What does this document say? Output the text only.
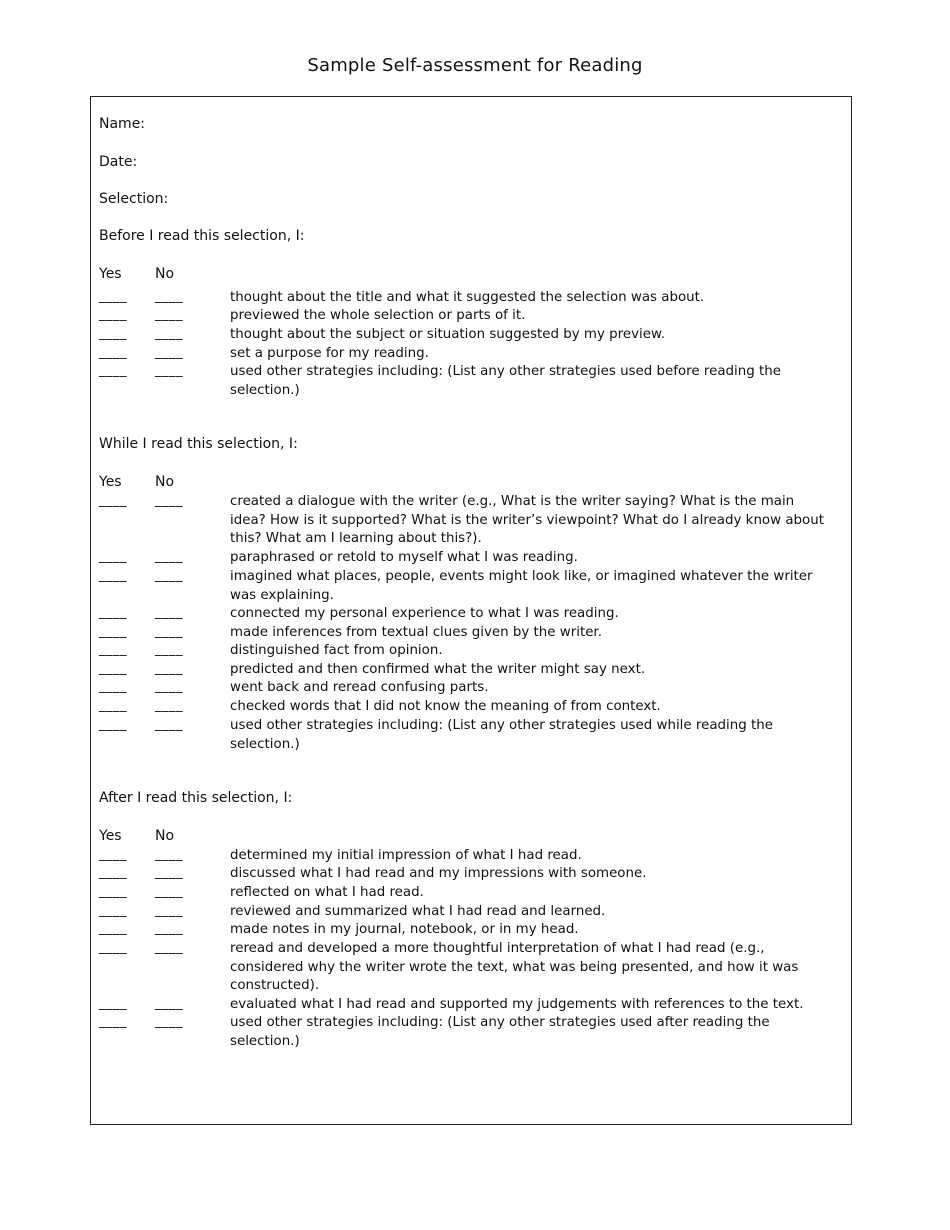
Sample Self-assessment for Reading
Name:
Date:
Selection:
Before I read this selection, I:
Yes No
____ ____	thought about the title and what it suggested the selection was about.
____ ____	previewed the whole selection or parts of it.
____ ____	thought about the subject or situation suggested by my preview.
____ ____	set a purpose for my reading.
____ ____	used other strategies including: (List any other strategies used before reading the selection.)
While I read this selection, I:
Yes No
____ ____	created a dialogue with the writer (e.g., What is the writer saying? What is the main idea? How is it supported? What is the writer’s viewpoint? What do I already know about this? What am I learning about this?).
____ ____	paraphrased or retold to myself what I was reading.
____ ____	imagined what places, people, events might look like, or imagined whatever the writer was explaining.
____ ____	connected my personal experience to what I was reading.
____ ____	made inferences from textual clues given by the writer.
____ ____	distinguished fact from opinion.
____ ____	predicted and then confirmed what the writer might say next.
____ ____	went back and reread confusing parts.
____ ____	checked words that I did not know the meaning of from context.
____ ____	used other strategies including: (List any other strategies used while reading the selection.)
After I read this selection, I:
Yes No
____ ____	determined my initial impression of what I had read.
____ ____	discussed what I had read and my impressions with someone.
____ ____	reflected on what I had read.
____ ____	reviewed and summarized what I had read and learned.
____ ____	made notes in my journal, notebook, or in my head.
____ ____	reread and developed a more thoughtful interpretation of what I had read (e.g., considered why the writer wrote the text, what was being presented, and how it was constructed).
____ ____	evaluated what I had read and supported my judgements with references to the text.
____ ____	used other strategies including: (List any other strategies used after reading the selection.)
